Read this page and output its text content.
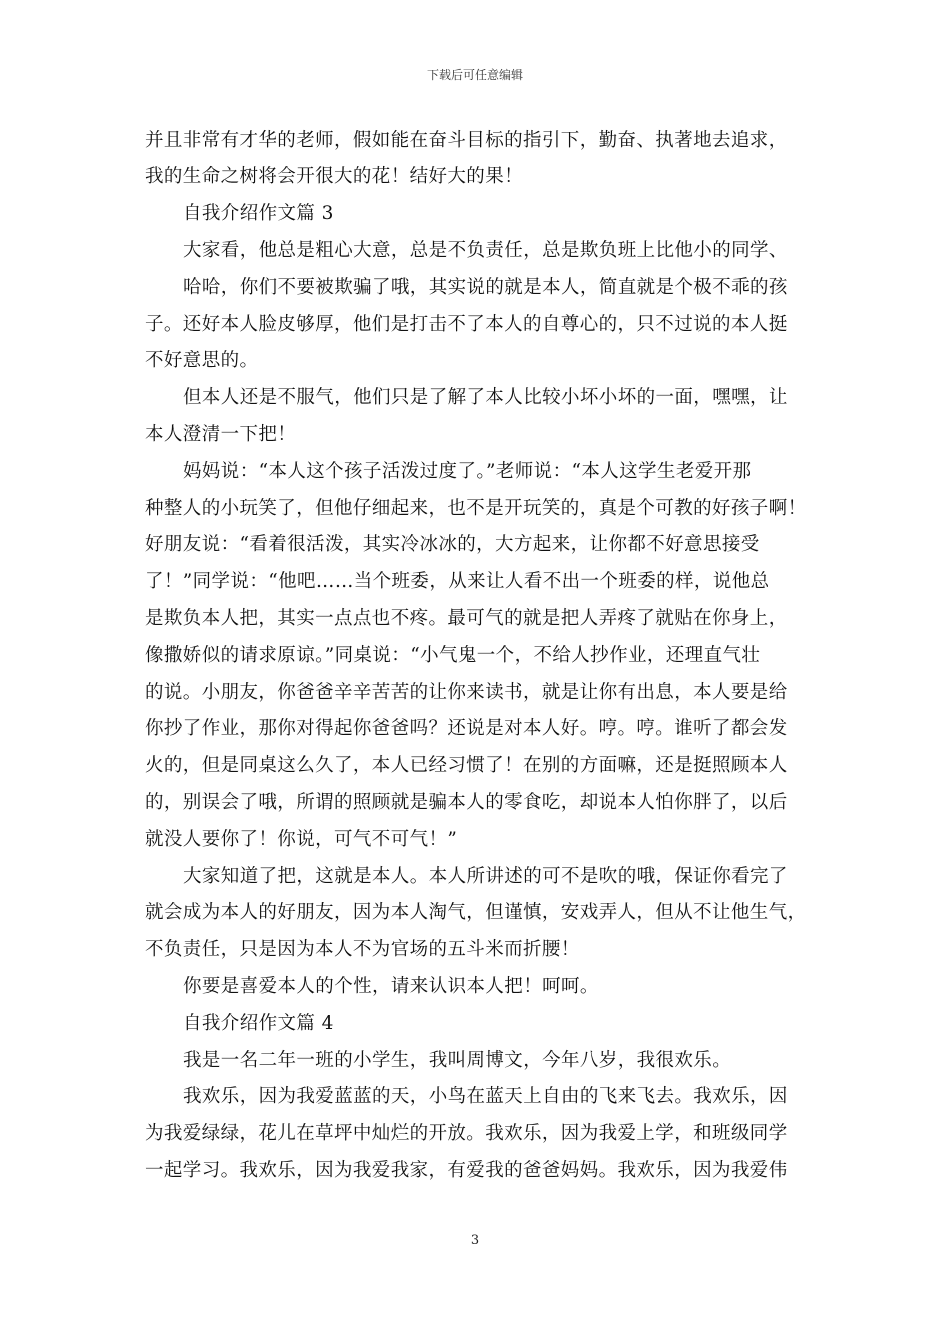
下载后可任意编辑
并且非常有才华的老师，假如能在奋斗目标的指引下，勤奋、执著地去追求，
我的生命之树将会开很大的花！结好大的果！
自我介绍作文篇 3
大家看，他总是粗心大意，总是不负责任，总是欺负班上比他小的同学、
哈哈，你们不要被欺骗了哦，其实说的就是本人，简直就是个极不乖的孩
子。还好本人脸皮够厚，他们是打击不了本人的自尊心的，只不过说的本人挺
不好意思的。
但本人还是不服气，他们只是了解了本人比较小坏小坏的一面，嘿嘿，让
本人澄清一下把！
妈妈说：“本人这个孩子活泼过度了。”老师说：“本人这学生老爱开那
种整人的小玩笑了，但他仔细起来，也不是开玩笑的，真是个可教的好孩子啊！
好朋友说：“看着很活泼，其实冷冰冰的，大方起来，让你都不好意思接受
了！”同学说：“他吧……当个班委，从来让人看不出一个班委的样，说他总
是欺负本人把，其实一点点也不疼。最可气的就是把人弄疼了就贴在你身上，
像撒娇似的请求原谅。”同桌说：“小气鬼一个，不给人抄作业，还理直气壮
的说。小朋友，你爸爸辛辛苦苦的让你来读书，就是让你有出息，本人要是给
你抄了作业，那你对得起你爸爸吗？还说是对本人好。哼。哼。谁听了都会发
火的，但是同桌这么久了，本人已经习惯了！在别的方面嘛，还是挺照顾本人
的，别误会了哦，所谓的照顾就是骗本人的零食吃，却说本人怕你胖了，以后
就没人要你了！你说，可气不可气！”
大家知道了把，这就是本人。本人所讲述的可不是吹的哦，保证你看完了
就会成为本人的好朋友，因为本人淘气，但谨慎，安戏弄人，但从不让他生气，
不负责任，只是因为本人不为官场的五斗米而折腰！
你要是喜爱本人的个性，请来认识本人把！呵呵。
自我介绍作文篇 4
我是一名二年一班的小学生，我叫周博文，今年八岁，我很欢乐。
我欢乐，因为我爱蓝蓝的天，小鸟在蓝天上自由的飞来飞去。我欢乐，因
为我爱绿绿，花儿在草坪中灿烂的开放。我欢乐，因为我爱上学，和班级同学
一起学习。我欢乐，因为我爱我家，有爱我的爸爸妈妈。我欢乐，因为我爱伟
3
